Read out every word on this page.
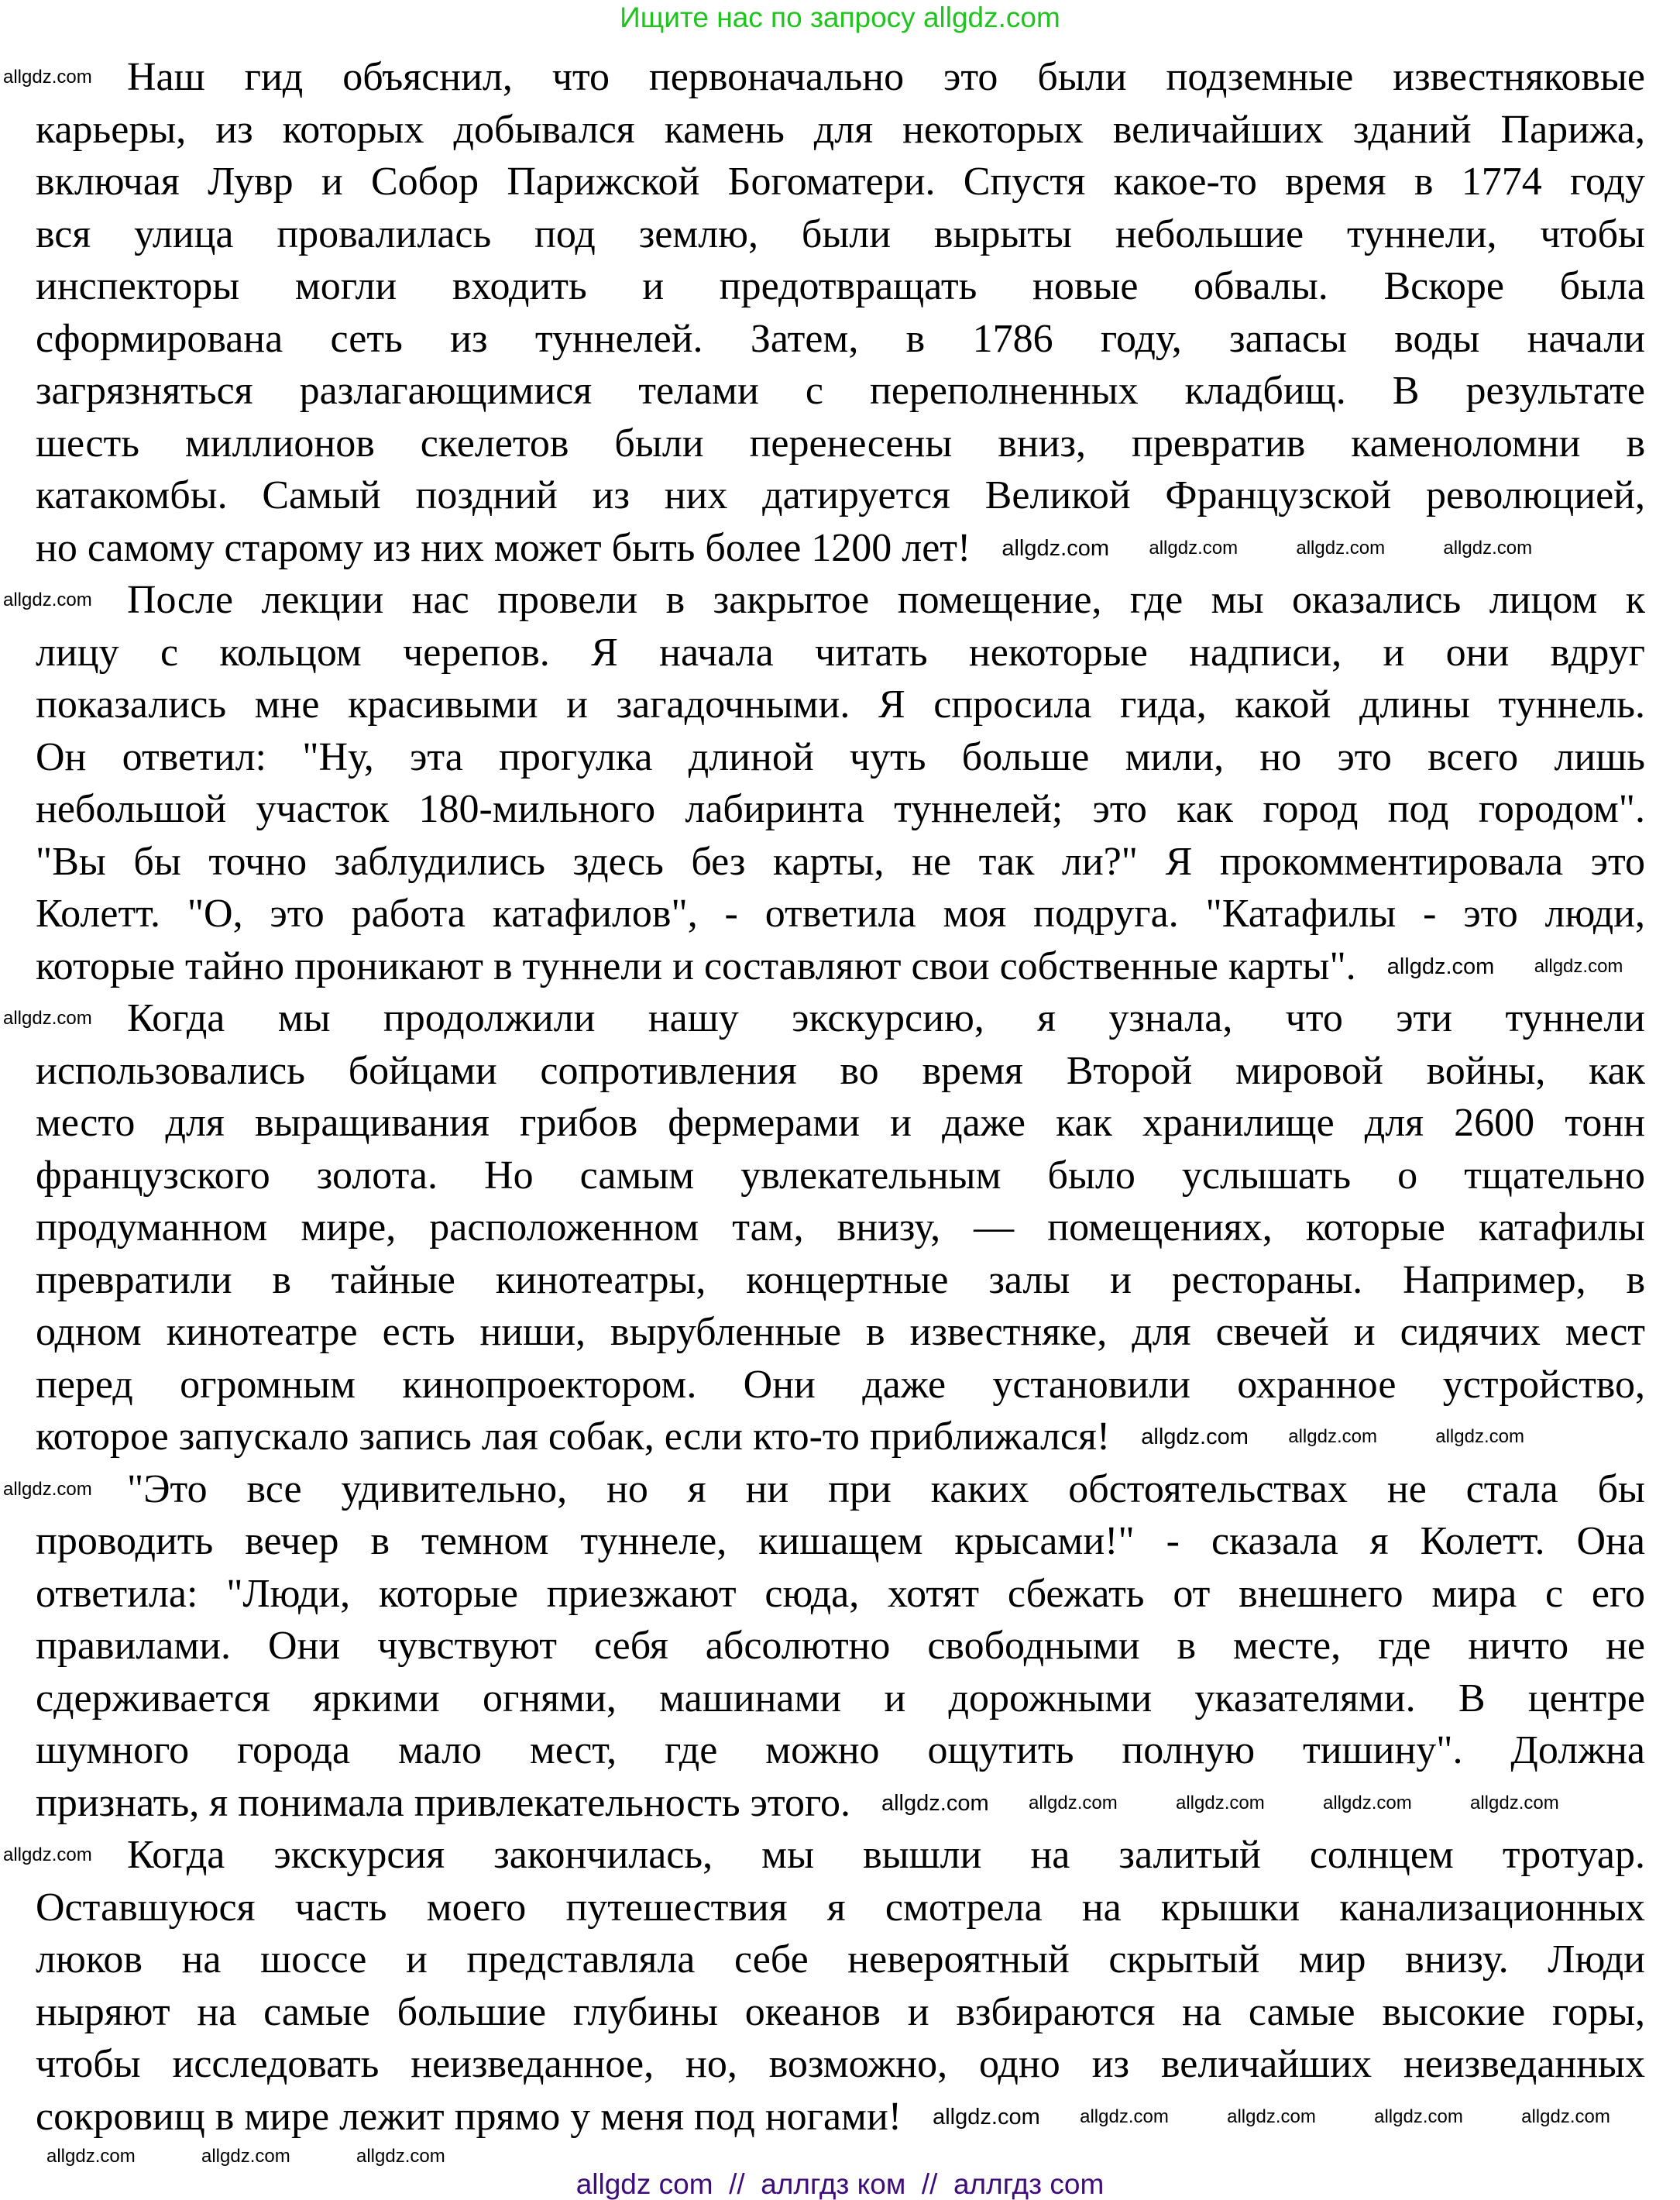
Ищите нас по запросу allgdz.com
Наш гид объяснил, что первоначально это были подземные известняковые
карьеры, из которых добывался камень для некоторых величайших зданий Парижа,
включая Лувр и Собор Парижской Богоматери. Спустя какое-то время в 1774 году
вся улица провалилась под землю, были вырыты небольшие туннели, чтобы
инспекторы могли входить и предотвращать новые обвалы. Вскоре была
сформирована сеть из туннелей. Затем, в 1786 году, запасы воды начали
загрязняться разлагающимися телами с переполненных кладбищ. В результате
шесть миллионов скелетов были перенесены вниз, превратив каменоломни в
катакомбы. Самый поздний из них датируется Великой Французской революцией,
но самому старому из них может быть более 1200 лет!
После лекции нас провели в закрытое помещение, где мы оказались лицом к
лицу с кольцом черепов. Я начала читать некоторые надписи, и они вдруг
показались мне красивыми и загадочными. Я спросила гида, какой длины туннель.
Он ответил: "Ну, эта прогулка длиной чуть больше мили, но это всего лишь
небольшой участок 180-мильного лабиринта туннелей; это как город под городом".
"Вы бы точно заблудились здесь без карты, не так ли?" Я прокомментировала это
Колетт. "О, это работа катафилов", - ответила моя подруга. "Катафилы - это люди,
которые тайно проникают в туннели и составляют свои собственные карты".
Когда мы продолжили нашу экскурсию, я узнала, что эти туннели
использовались бойцами сопротивления во время Второй мировой войны, как
место для выращивания грибов фермерами и даже как хранилище для 2600 тонн
французского золота. Но самым увлекательным было услышать о тщательно
продуманном мире, расположенном там, внизу, — помещениях, которые катафилы
превратили в тайные кинотеатры, концертные залы и рестораны. Например, в
одном кинотеатре есть ниши, вырубленные в известняке, для свечей и сидячих мест
перед огромным кинопроектором. Они даже установили охранное устройство,
которое запускало запись лая собак, если кто-то приближался!
"Это все удивительно, но я ни при каких обстоятельствах не стала бы
проводить вечер в темном туннеле, кишащем крысами!" - сказала я Колетт. Она
ответила: "Люди, которые приезжают сюда, хотят сбежать от внешнего мира с его
правилами. Они чувствуют себя абсолютно свободными в месте, где ничто не
сдерживается яркими огнями, машинами и дорожными указателями. В центре
шумного города мало мест, где можно ощутить полную тишину". Должна
признать, я понимала привлекательность этого.
Когда экскурсия закончилась, мы вышли на залитый солнцем тротуар.
Оставшуюся часть моего путешествия я смотрела на крышки канализационных
люков на шоссе и представляла себе невероятный скрытый мир внизу. Люди
ныряют на самые большие глубины океанов и взбираются на самые высокие горы,
чтобы исследовать неизведанное, но, возможно, одно из величайших неизведанных
сокровищ в мире лежит прямо у меня под ногами!
allgdz.com
allgdz.com
allgdz.com
allgdz.com
allgdz.com
allgdz.com allgdz.com	allgdz.com	allgdz.com
allgdz.com allgdz.com
allgdz.com allgdz.com	allgdz.com
allgdz.com allgdz.com	allgdz.com	allgdz.com	allgdz.com
allgdz.com allgdz.com	allgdz.com	allgdz.com	allgdz.com
allgdz.com	allgdz.com	allgdz.com
allgdz com  //  аллгдз ком  //  аллгдз com
